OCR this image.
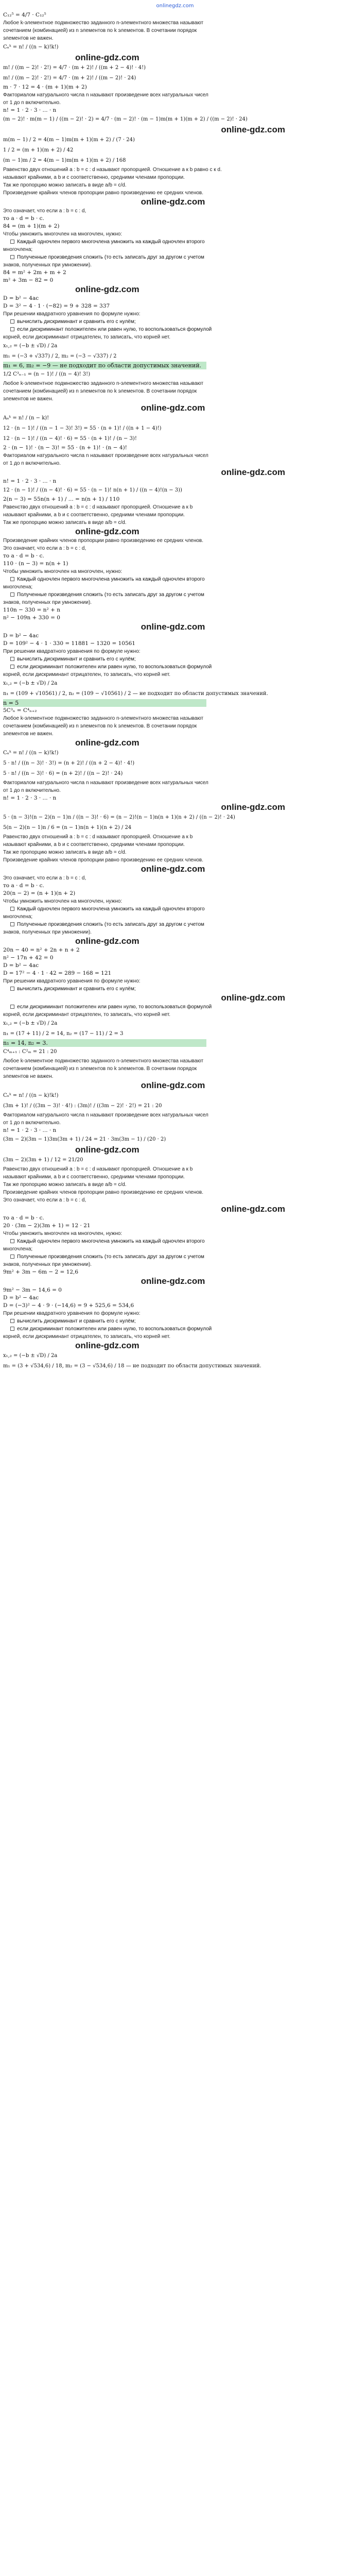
onlinegdz.com
C₁₂⁵ = 4/7 · C₁₂⁵
Любое k-элементное подмножество заданного n-элементного множества называют
сочетанием (комбинацией) из n элементов по k элементов. В сочетании порядок
элементов не важен.
Cₙᵏ = n! / ((n − k)!k!)
online-gdz.com
m! / ((m − 2)! · 2!) = 4/7 · (m + 2)! / ((m + 2 − 4)! · 4!)
m! / ((m − 2)! · 2!) = 4/7 · (m + 2)! / ((m − 2)! · 24)
m · 7 · 12 = 4 · (m + 1)(m + 2)
Факториалом натурального числа n называют произведение всех натуральных чисел
от 1 до n включительно.
n! = 1 · 2 · 3 · ... · n
(m − 2)! · m(m − 1) / ((m − 2)! · 2) = 4/7 · (m − 2)! · (m − 1)m(m + 1)(m + 2) / ((m − 2)! · 24)
online-gdz.com
m(m − 1) / 2 = 4(m − 1)m(m + 1)(m + 2) / (7 · 24)
1 / 2 = (m + 1)(m + 2) / 42
(m − 1)m / 2 = 4(m − 1)m(m + 1)(m + 2) / 168
Равенство двух отношений a : b = c : d называют пропорцией. Отношение a к b равно c к d.
называют крайними, а b и c соответственно, средними членами пропорции.
Так же пропорцию можно записать в виде a/b = c/d.
Произведение крайних членов пропорции равно произведению ее средних членов.
online-gdz.com
Это означает, что если a : b = c : d,
то a · d = b · c.
84 = (m + 1)(m + 2)
Чтобы умножить многочлен на многочлен, нужно:
Каждый одночлен первого многочлена умножить на каждый одночлен второго
многочлена;
Полученные произведения сложить (то есть записать друг за другом с учетом
знаков, полученных при умножении).
84 = m² + 2m + m + 2
m² + 3m − 82 = 0
online-gdz.com
D = b² − 4ac
D = 3² − 4 · 1 · (−82) = 9 + 328 = 337
При решении квадратного уравнения по формуле нужно:
вычислить дискриминант и сравнить его с нулём;
если дискриминант положителен или равен нулю, то воспользоваться формулой
корней, если дискриминант отрицателен, то записать, что корней нет.
x₁,₂ = (−b ± √D) / 2a
m₁ = (−3 + √337) / 2, m₂ = (−3 − √337) / 2
m₁ = 6, m₂ = −9 — не подходит по области допустимых значений.
1/2 C³ₙ₋₁ = (n − 1)! / ((n − 4)! 3!)
Любое k-элементное подмножество заданного n-элементного множества называют
сочетанием (комбинацией) из n элементов по k элементов. В сочетании порядок
элементов не важен.
online-gdz.com
Aₙᵏ = n! / (n − k)!
12 · (n − 1)! / ((n − 1 − 3)! 3!) = 55 · (n + 1)! / ((n + 1 − 4)!)
12 · (n − 1)! / ((n − 4)! · 6) = 55 · (n + 1)! / (n − 3)!
2 · (n − 1)! · (n − 3)! = 55 · (n + 1)! · (n − 4)!
Факториалом натурального числа n называют произведение всех натуральных чисел
от 1 до n включительно.
online-gdz.com
n! = 1 · 2 · 3 · ... · n
12 · (n − 1)! / ((n − 4)! · 6) = 55 · (n − 1)! n(n + 1) / ((n − 4)!(n − 3))
2(n − 3) = 55n(n + 1) / ... = n(n + 1) / 110
Равенство двух отношений a : b = c : d называют пропорцией. Отношение a к b
называют крайними, а b и c соответственно, средними членами пропорции.
Так же пропорцию можно записать в виде a/b = c/d.
online-gdz.com
Произведение крайних членов пропорции равно произведению ее средних членов.
Это означает, что если a : b = c : d,
то a · d = b · c.
110 · (n − 3) = n(n + 1)
Чтобы умножить многочлен на многочлен, нужно:
Каждый одночлен первого многочлена умножить на каждый одночлен второго
многочлена;
Полученные произведения сложить (то есть записать друг за другом с учетом
знаков, полученных при умножении).
110n − 330 = n² + n
n² − 109n + 330 = 0
online-gdz.com
D = b² − 4ac
D = 109² − 4 · 1 · 330 = 11881 − 1320 = 10561
При решении квадратного уравнения по формуле нужно:
вычислить дискриминант и сравнить его с нулём;
если дискриминант положителен или равен нулю, то воспользоваться формулой
корней, если дискриминант отрицателен, то записать, что корней нет.
x₁,₂ = (−b ± √D) / 2a
n₁ = (109 + √10561) / 2, n₂ = (109 − √10561) / 2 — не подходит по области допустимых значений.
n = 5
5C³ₙ = C⁴ₙ₊₂
Любое k-элементное подмножество заданного n-элементного множества называют
сочетанием (комбинацией) из n элементов по k элементов. В сочетании порядок
элементов не важен.
online-gdz.com
Cₙᵏ = n! / ((n − k)!k!)
5 · n! / ((n − 3)! · 3!) = (n + 2)! / ((n + 2 − 4)! · 4!)
5 · n! / ((n − 3)! · 6) = (n + 2)! / ((n − 2)! · 24)
Факториалом натурального числа n называют произведение всех натуральных чисел
от 1 до n включительно.
n! = 1 · 2 · 3 · ... · n
online-gdz.com
5 · (n − 3)!(n − 2)(n − 1)n / ((n − 3)! · 6) = (n − 2)!(n − 1)n(n + 1)(n + 2) / ((n − 2)! · 24)
5(n − 2)(n − 1)n / 6 = (n − 1)n(n + 1)(n + 2) / 24
Равенство двух отношений a : b = c : d называют пропорцией. Отношение a к b
называют крайними, а b и c соответственно, средними членами пропорции.
Так же пропорцию можно записать в виде a/b = c/d.
Произведение крайних членов пропорции равно произведению ее средних членов.
online-gdz.com
Это означает, что если a : b = c : d,
то a · d = b · c.
20(n − 2) = (n + 1)(n + 2)
Чтобы умножить многочлен на многочлен, нужно:
Каждый одночлен первого многочлена умножить на каждый одночлен второго
многочлена;
Полученные произведения сложить (то есть записать друг за другом с учетом
знаков, полученных при умножении).
online-gdz.com
20n − 40 = n² + 2n + n + 2
n² − 17n + 42 = 0
D = b² − 4ac
D = 17² − 4 · 1 · 42 = 289 − 168 = 121
При решении квадратного уравнения по формуле нужно:
вычислить дискриминант и сравнить его с нулём;
online-gdz.com
если дискриминант положителен или равен нулю, то воспользоваться формулой
корней, если дискриминант отрицателен, то записать, что корней нет.
x₁,₂ = (−b ± √D) / 2a
n₁ = (17 + 11) / 2 = 14, n₂ = (17 − 11) / 2 = 3
n₁ = 14, n₂ = 3.
C⁴ₘ₊₁ : C²ₘ = 21 : 20
Любое k-элементное подмножество заданного n-элементного множества называют
сочетанием (комбинацией) из n элементов по k элементов. В сочетании порядок
элементов не важен.
online-gdz.com
Cₙᵏ = n! / ((n − k)!k!)
(3m + 1)! / ((3m − 3)! · 4!) : (3m)! / ((3m − 2)! · 2!) = 21 : 20
Факториалом натурального числа n называют произведение всех натуральных чисел
от 1 до n включительно.
n! = 1 · 2 · 3 · ... · n
(3m − 2)(3m − 1)3m(3m + 1) / 24 = 21 · 3m(3m − 1) / (20 · 2)
online-gdz.com
(3m − 2)(3m + 1) / 12 = 21/20
Равенство двух отношений a : b = c : d называют пропорцией. Отношение a к b
называют крайними, а b и c соответственно, средними членами пропорции.
Так же пропорцию можно записать в виде a/b = c/d.
Произведение крайних членов пропорции равно произведению ее средних членов.
Это означает, что если a : b = c : d,
online-gdz.com
то a · d = b · c.
20 · (3m − 2)(3m + 1) = 12 · 21
Чтобы умножить многочлен на многочлен, нужно:
Каждый одночлен первого многочлена умножить на каждый одночлен второго
многочлена;
Полученные произведения сложить (то есть записать друг за другом с учетом
знаков, полученных при умножении).
9m² + 3m − 6m − 2 = 12,6
online-gdz.com
9m² − 3m − 14,6 = 0
D = b² − 4ac
D = (−3)² − 4 · 9 · (−14,6) = 9 + 525,6 = 534,6
При решении квадратного уравнения по формуле нужно:
вычислить дискриминант и сравнить его с нулём;
если дискриминант положителен или равен нулю, то воспользоваться формулой
корней, если дискриминант отрицателен, то записать, что корней нет.
online-gdz.com
x₁,₂ = (−b ± √D) / 2a
m₁ = (3 + √534,6) / 18, m₂ = (3 − √534,6) / 18 — не подходит по области допустимых значений.
